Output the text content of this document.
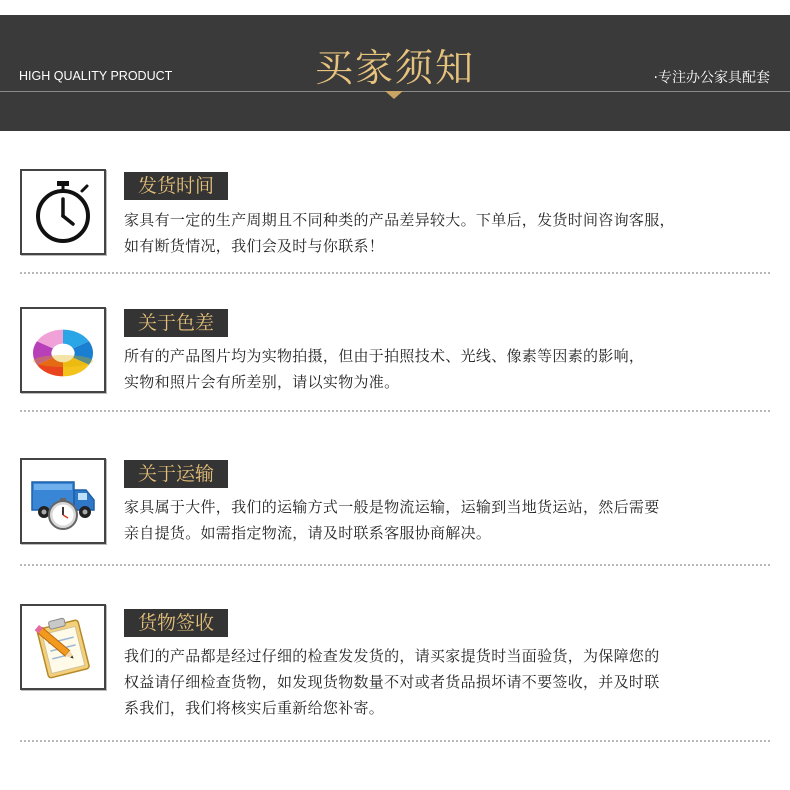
HIGH QUALITY PRODUCT	买家须知	·专注办公家具配套
发货时间
家具有一定的生产周期且不同种类的产品差异较大。下单后，发货时间咨询客服，
如有断货情况，我们会及时与你联系！
关于色差
所有的产品图片均为实物拍摄，但由于拍照技术、光线、像素等因素的影响，
实物和照片会有所差别，请以实物为准。
关于运输
家具属于大件，我们的运输方式一般是物流运输，运输到当地货运站，然后需要
亲自提货。如需指定物流，请及时联系客服协商解决。
货物签收
我们的产品都是经过仔细的检查发发货的，请买家提货时当面验货，为保障您的
权益请仔细检查货物，如发现货物数量不对或者货品损坏请不要签收，并及时联
系我们，我们将核实后重新给您补寄。
